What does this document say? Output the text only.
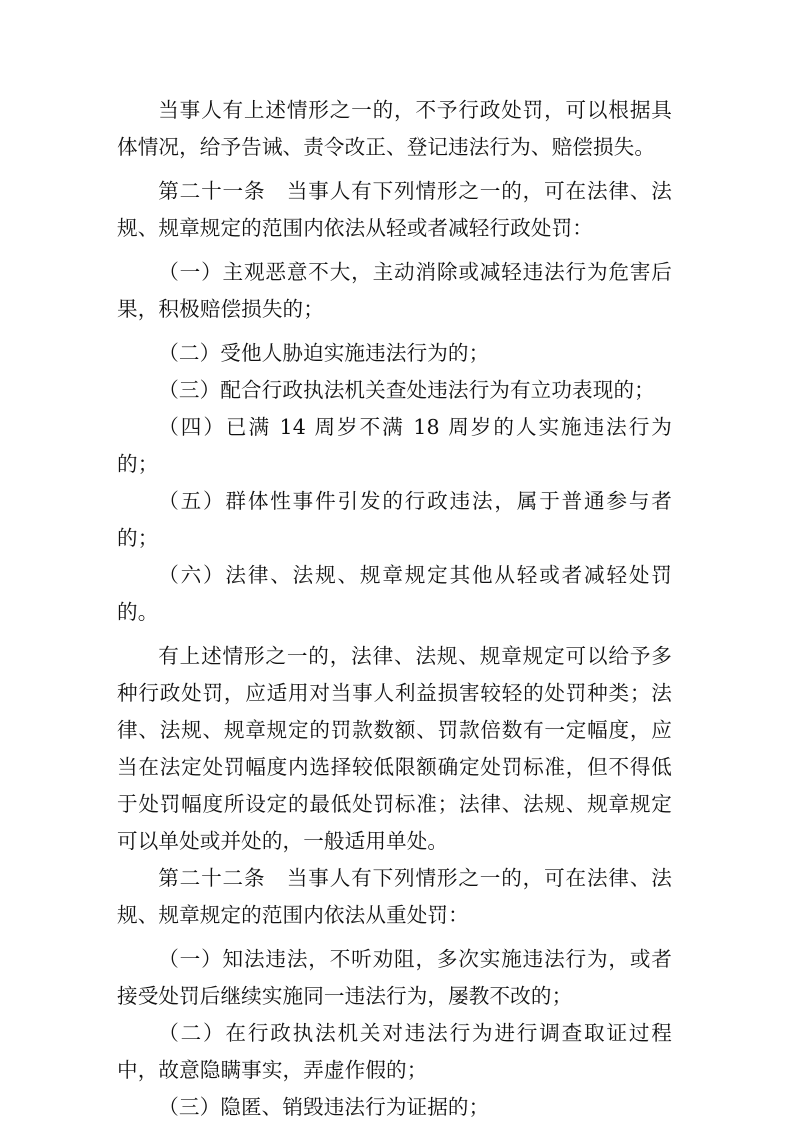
当事人有上述情形之一的，不予行政处罚，可以根据具体情况，给予告诫、责令改正、登记违法行为、赔偿损失。

第二十一条　当事人有下列情形之一的，可在法律、法规、规章规定的范围内依法从轻或者减轻行政处罚：

（一）主观恶意不大，主动消除或减轻违法行为危害后果，积极赔偿损失的；

（二）受他人胁迫实施违法行为的；

（三）配合行政执法机关查处违法行为有立功表现的；

（四）已满 14 周岁不满 18 周岁的人实施违法行为的；

（五）群体性事件引发的行政违法，属于普通参与者的；

（六）法律、法规、规章规定其他从轻或者减轻处罚的。

有上述情形之一的，法律、法规、规章规定可以给予多种行政处罚，应适用对当事人利益损害较轻的处罚种类；法律、法规、规章规定的罚款数额、罚款倍数有一定幅度，应当在法定处罚幅度内选择较低限额确定处罚标准，但不得低于处罚幅度所设定的最低处罚标准；法律、法规、规章规定可以单处或并处的，一般适用单处。

第二十二条　当事人有下列情形之一的，可在法律、法规、规章规定的范围内依法从重处罚：

（一）知法违法，不听劝阻，多次实施违法行为，或者接受处罚后继续实施同一违法行为，屡教不改的；

（二）在行政执法机关对违法行为进行调查取证过程中，故意隐瞒事实，弄虚作假的；

（三）隐匿、销毁违法行为证据的；
